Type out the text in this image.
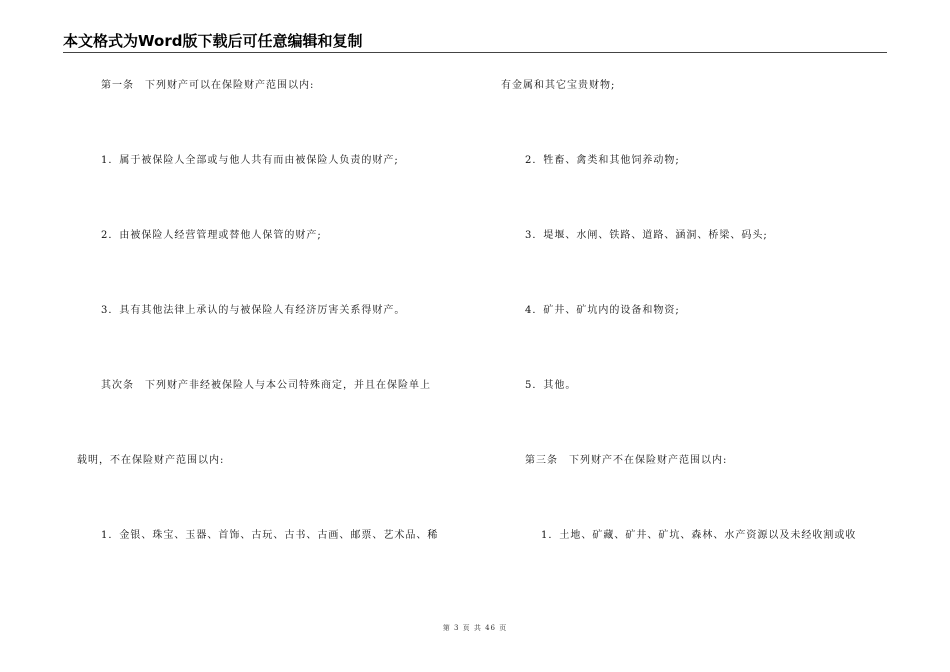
本文格式为Word版下载后可任意编辑和复制
第一条　下列财产可以在保险财产范围以内:
1．属于被保险人全部或与他人共有而由被保险人负责的财产;
2．由被保险人经营管理或替他人保管的财产;
3．具有其他法律上承认的与被保险人有经济厉害关系得财产。
其次条　下列财产非经被保险人与本公司特殊商定，并且在保险单上
载明，不在保险财产范围以内:
1．金银、珠宝、玉器、首饰、古玩、古书、古画、邮票、艺术品、稀
有金属和其它宝贵财物;
2．牲畜、禽类和其他饲养动物;
3．堤堰、水闸、铁路、道路、涵洞、桥梁、码头;
4．矿井、矿坑内的设备和物资;
5．其他。
第三条　下列财产不在保险财产范围以内:
1．土地、矿藏、矿井、矿坑、森林、水产资源以及未经收割或收
第 3 页 共 46 页
